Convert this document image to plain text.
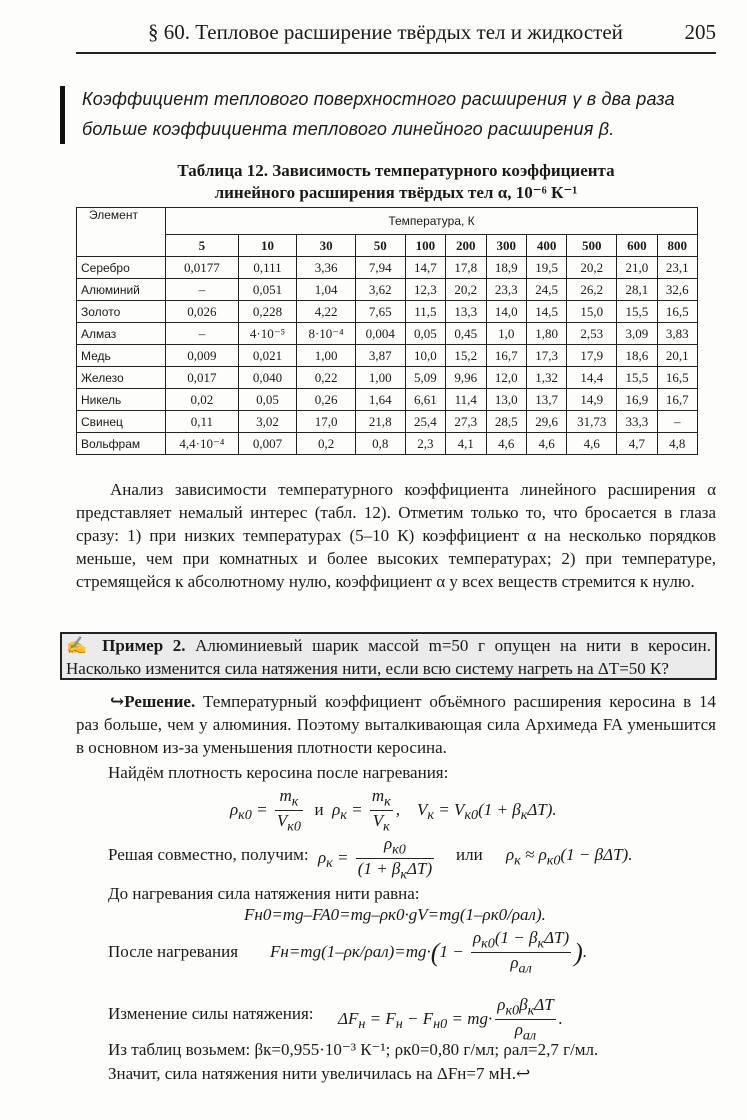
§ 60. Тепловое расширение твёрдых тел и жидкостей	205
Коэффициент теплового поверхностного расширения γ в два раза больше коэффициента теплового линейного расширения β.
Таблица 12. Зависимость температурного коэффициента
линейного расширения твёрдых тел α, 10⁻⁶ К⁻¹
Элемент	Температура, К										
	5	10	30	50	100	200	300	400	500	600	800
Серебро	0,0177	0,111	3,36	7,94	14,7	17,8	18,9	19,5	20,2	21,0	23,1
Алюминий	–	0,051	1,04	3,62	12,3	20,2	23,3	24,5	26,2	28,1	32,6
Золото	0,026	0,228	4,22	7,65	11,5	13,3	14,0	14,5	15,0	15,5	16,5
Алмаз	–	4·10⁻⁵	8·10⁻⁴	0,004	0,05	0,45	1,0	1,80	2,53	3,09	3,83
Медь	0,009	0,021	1,00	3,87	10,0	15,2	16,7	17,3	17,9	18,6	20,1
Железо	0,017	0,040	0,22	1,00	5,09	9,96	12,0	1,32	14,4	15,5	16,5
Никель	0,02	0,05	0,26	1,64	6,61	11,4	13,0	13,7	14,9	16,9	16,7
Свинец	0,11	3,02	17,0	21,8	25,4	27,3	28,5	29,6	31,73	33,3	–
Вольфрам	4,4·10⁻⁴	0,007	0,2	0,8	2,3	4,1	4,6	4,6	4,6	4,7	4,8
Анализ зависимости температурного коэффициента линейного расширения α представляет немалый интерес (табл. 12). Отметим только то, что бросается в глаза сразу: 1) при низких температурах (5–10 К) коэффициент α на несколько порядков меньше, чем при комнатных и более высоких температурах; 2) при температуре, стремящейся к абсолютному нулю, коэффициент α у всех веществ стремится к нулю.
✍ Пример 2. Алюминиевый шарик массой m=50 г опущен на нити в керосин. Насколько изменится сила натяжения нити, если всю систему нагреть на ΔT=50 К?
↪Решение. Температурный коэффициент объёмного расширения керосина в 14 раз больше, чем у алюминия. Поэтому выталкивающая сила Архимеда FA уменьшится в основном из-за уменьшения плотности керосина.
Найдём плотность керосина после нагревания:
$\rho_{к0} = \frac{m_к}{V_{к0}}$ и  $\rho_к = \frac{m_к}{V_к}$ ,    $V_к = V_{к0}(1 + \beta_к\Delta T)$.
Решая совместно, получим: $\rho_к = \frac{\rho_{к0}}{(1 + \beta_к\Delta T)}$ или $\rho_к \approx \rho_{к0}(1 - \beta\Delta T)$.
До нагревания сила натяжения нити равна:
Fн0=mg–FA0=mg–ρк0·gV=mg(1–ρк0/ρал).
После нагревания $Fн=mg(1-\rho к/\rho ал)=mg\cdot(1 - \frac{\rho_{к0}(1 - \beta_к\Delta T)}{\rho_{ал}}$ ).
Изменение силы натяжения: $\Delta F_н = F_н - F_{н0} = mg\cdot \frac{\rho_{к0}\beta_к\Delta T}{\rho_{ал}}$ .
Из таблиц возьмем: βк=0,955·10⁻³ К⁻¹; ρк0=0,80 г/мл; ρал=2,7 г/мл.
Значит, сила натяжения нити увеличилась на ΔFн=7 мН.↩
